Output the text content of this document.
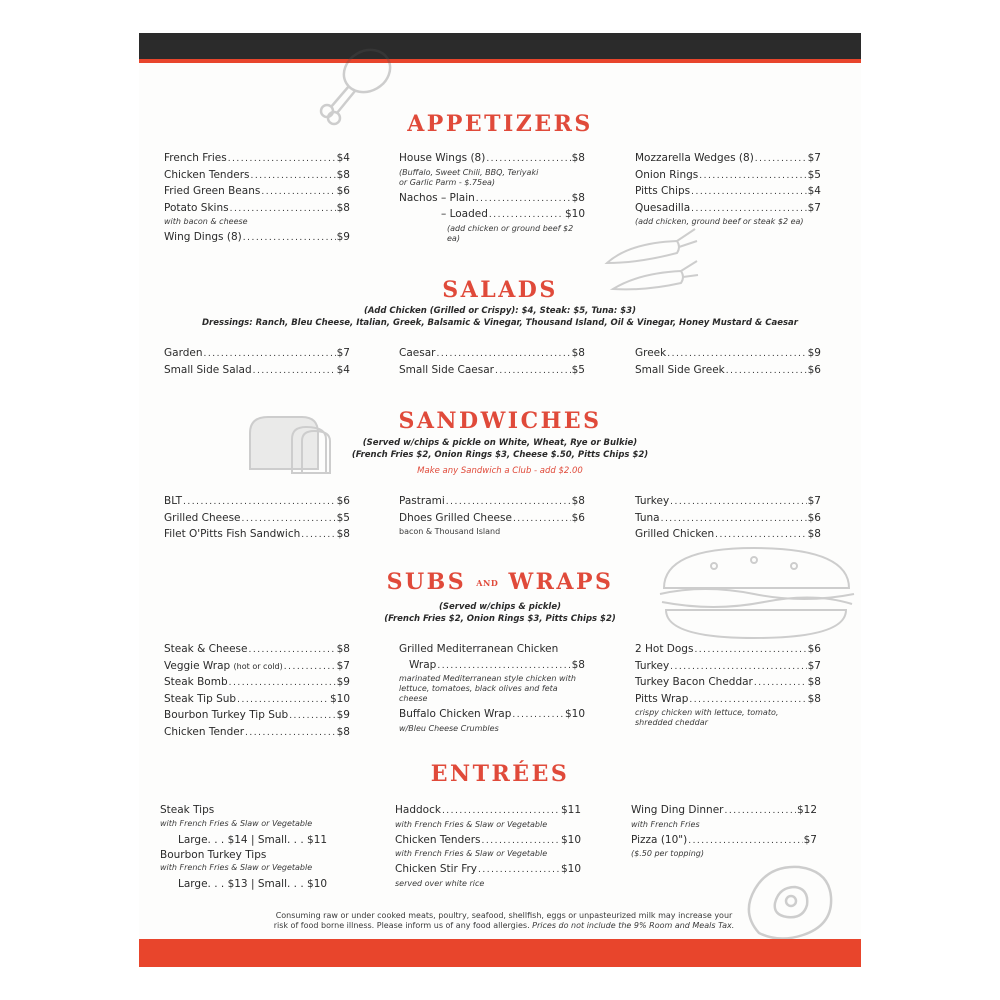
APPETIZERS
French Fries .....	$4
Chicken Tenders .....	$8
Fried Green Beans .....	$6
Potato Skins .....	$8
with bacon & cheese
Wing Dings (8) .....	$9
House Wings (8) .....	$8
(Buffalo, Sweet Chili, BBQ, Teriyaki
or Garlic Parm - $.75ea)
Nachos – Plain .....	$8
– Loaded .....	$10
(add chicken or ground beef $2 ea)
Mozzarella Wedges (8) .....	$7
Onion Rings .....	$5
Pitts Chips .....	$4
Quesadilla .....	$7
(add chicken, ground beef or steak $2 ea)
SALADS
(Add Chicken (Grilled or Crispy): $4, Steak: $5, Tuna: $3)
Dressings: Ranch, Bleu Cheese, Italian, Greek, Balsamic & Vinegar, Thousand Island, Oil & Vinegar, Honey Mustard & Caesar
Garden .....	$7
Small Side Salad .....	$4
Caesar .....	$8
Small Side Caesar .....	$5
Greek .....	$9
Small Side Greek .....	$6
SANDWICHES
(Served w/chips & pickle on White, Wheat, Rye or Bulkie)
(French Fries $2, Onion Rings $3, Cheese $.50, Pitts Chips $2)
Make any Sandwich a Club - add $2.00
BLT .....	$6
Grilled Cheese .....	$5
Filet O'Pitts Fish Sandwich .....	$8
Pastrami .....	$8
Dhoes Grilled Cheese .....	$6
bacon & Thousand Island
Turkey .....	$7
Tuna .....	$6
Grilled Chicken .....	$8
SUBS AND WRAPS
(Served w/chips & pickle)
(French Fries $2, Onion Rings $3, Pitts Chips $2)
Steak & Cheese .....	$8
Veggie Wrap (hot or cold) .....	$7
Steak Bomb .....	$9
Steak Tip Sub .....	$10
Bourbon Turkey Tip Sub .....	$9
Chicken Tender .....	$8
Grilled Mediterranean Chicken
Wrap .....	$8
marinated Mediterranean style chicken with
lettuce, tomatoes, black olives and feta cheese
Buffalo Chicken Wrap .....	$10
w/Bleu Cheese Crumbles
2 Hot Dogs .....	$6
Turkey .....	$7
Turkey Bacon Cheddar .....	$8
Pitts Wrap .....	$8
crispy chicken with lettuce, tomato,
shredded cheddar
ENTRÉES
Steak Tips
with French Fries & Slaw or Vegetable
Large. . . $14 | Small. . . $11
Bourbon Turkey Tips
with French Fries & Slaw or Vegetable
Large. . . $13 | Small. . . $10
Haddock .....	$11
with French Fries & Slaw or Vegetable
Chicken Tenders .....	$10
with French Fries & Slaw or Vegetable
Chicken Stir Fry .....	$10
served over white rice
Wing Ding Dinner .....	$12
with French Fries
Pizza (10") .....	$7
($.50 per topping)
Consuming raw or under cooked meats, poultry, seafood, shellfish, eggs or unpasteurized milk may increase your
risk of food borne illness. Please inform us of any food allergies. Prices do not include the 9% Room and Meals Tax.
